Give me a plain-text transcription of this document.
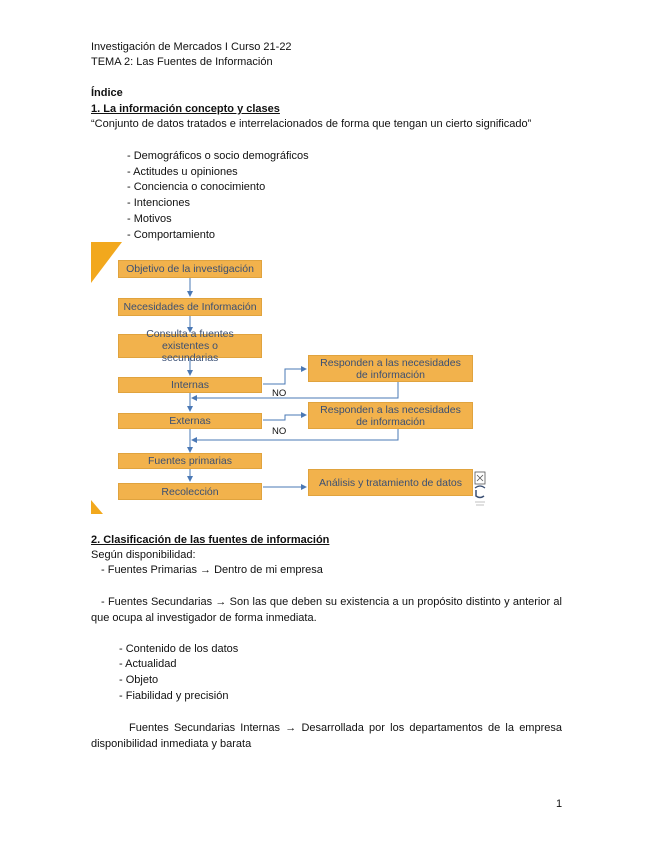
Investigación de Mercados I Curso 21-22
TEMA 2: Las Fuentes de Información
Índice
1. La información concepto y clases
“Conjunto de datos tratados e interrelacionados de forma que tengan un cierto significado”
- Demográficos o socio demográficos
- Actitudes u opiniones
- Conciencia o conocimiento
- Intenciones
- Motivos
- Comportamiento
Objetivo de la investigación
Necesidades de Información
Consulta a fuentes existentes o secundarias
Internas
Externas
Fuentes primarias
Recolección
Responden a las necesidades de información
Responden a las necesidades de información
Análisis y tratamiento de datos
NO
NO
2. Clasificación de las fuentes de información
Según disponibilidad:
- Fuentes Primarias → Dentro de mi empresa
- Fuentes Secundarias → Son las que deben su existencia a un propósito distinto y anterior al que ocupa al investigador de forma inmediata.
- Contenido de los datos
- Actualidad
- Objeto
- Fiabilidad y precisión
Fuentes Secundarias Internas → Desarrollada por los departamentos de la empresa disponibilidad inmediata y barata
1
